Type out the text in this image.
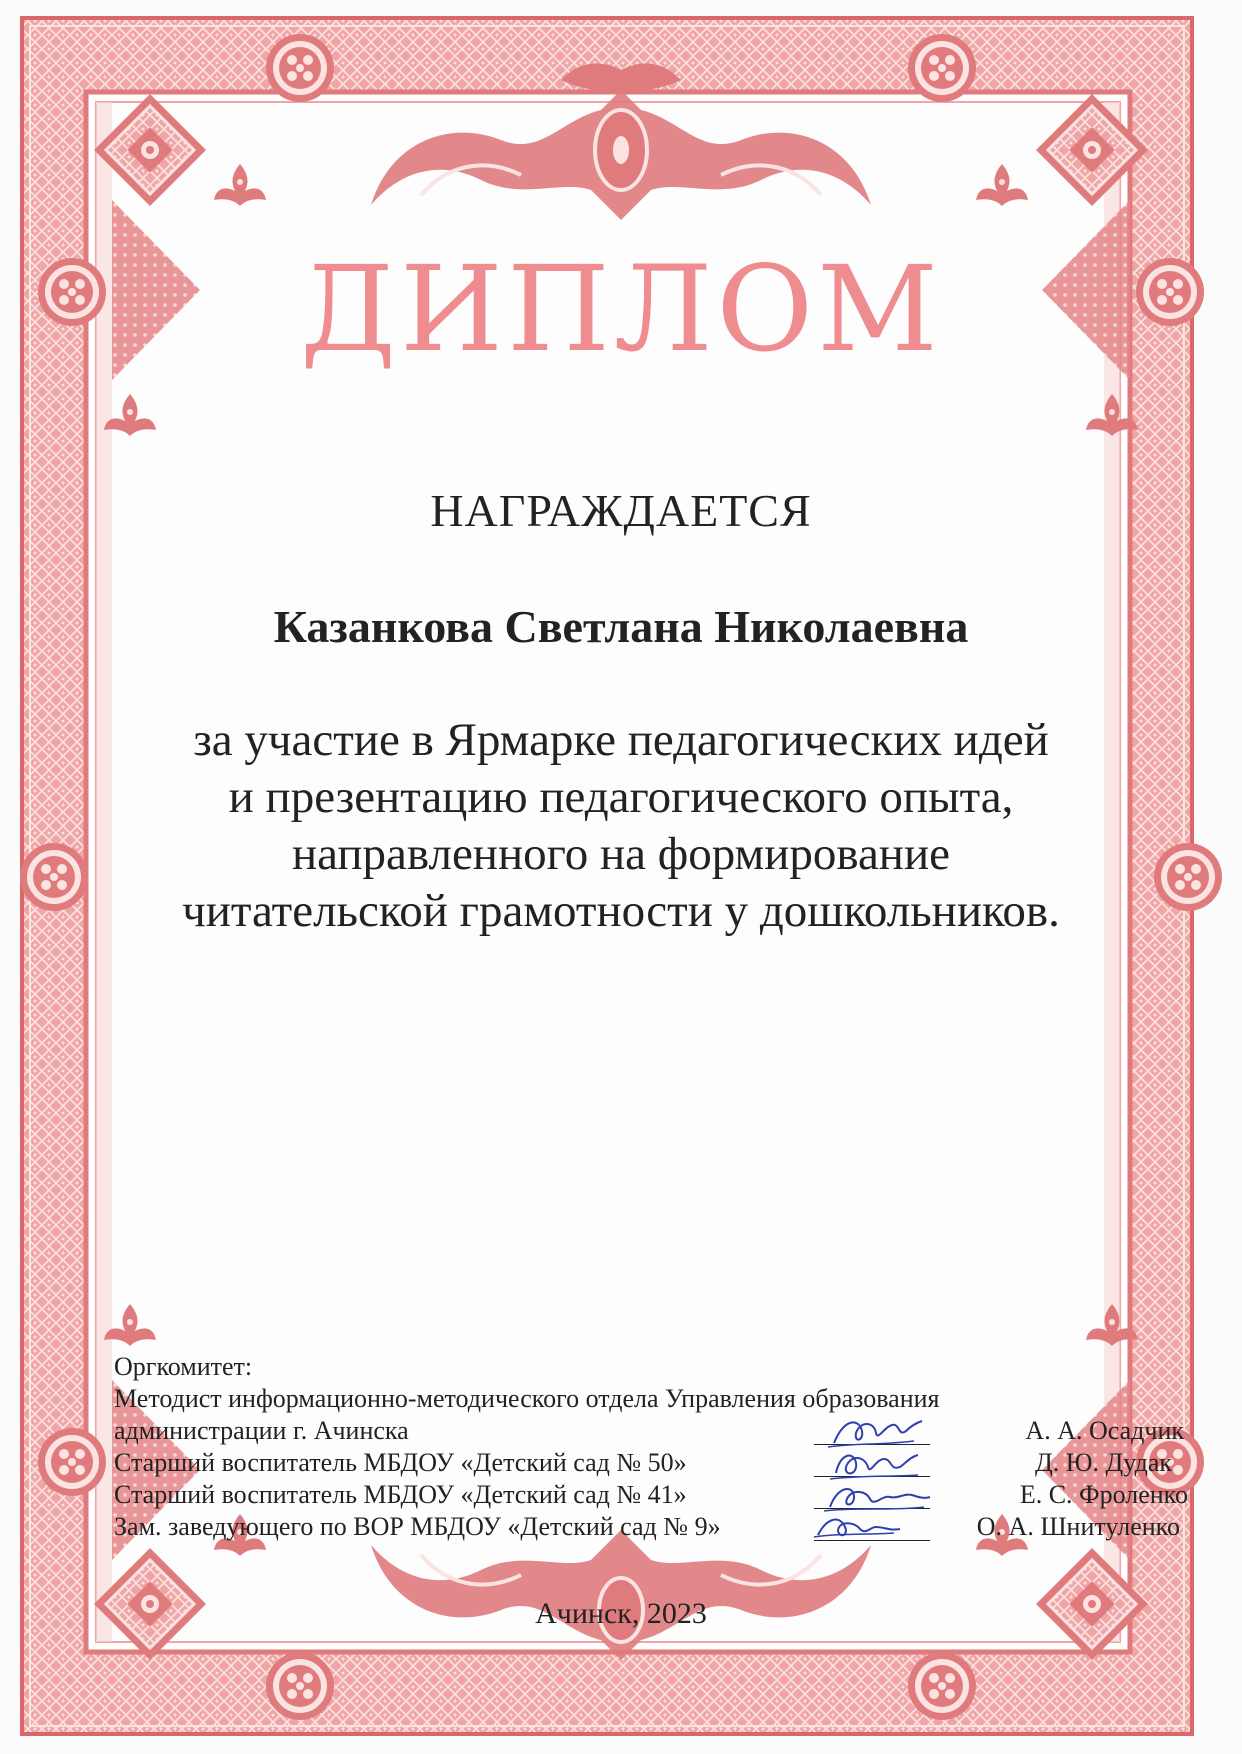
ДИПЛОМ
НАГРАЖДАЕТСЯ
Казанкова Светлана Николаевна
за участие в Ярмарке педагогических идей
и презентацию педагогического опыта,
направленного на формирование
читательской грамотности у дошкольников.
Оргкомитет:
Методист информационно-методического отдела Управления образования
администрации г. Ачинска	А. А. Осадчик
Старший воспитатель МБДОУ «Детский сад № 50»	Д. Ю. Дудак
Старший воспитатель МБДОУ «Детский сад № 41»	Е. С. Фроленко
Зам. заведующего по ВОР МБДОУ «Детский сад № 9»	О. А. Шнитуленко
Ачинск, 2023
